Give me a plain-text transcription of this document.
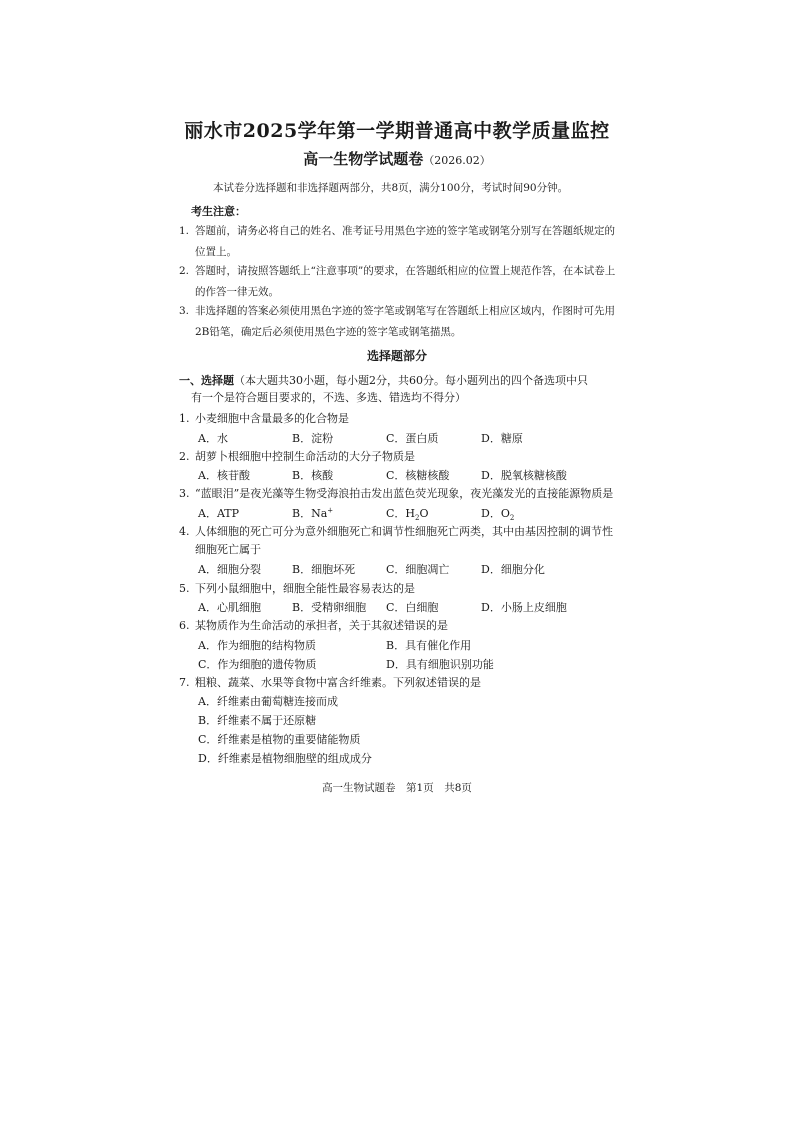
丽水市2025学年第一学期普通高中教学质量监控
高一生物学试题卷（2026.02）
本试卷分选择题和非选择题两部分，共8页，满分100分，考试时间90分钟。
考生注意：
1. 答题前，请务必将自己的姓名、准考证号用黑色字迹的签字笔或钢笔分别写在答题纸规定的位置上。
2. 答题时，请按照答题纸上“注意事项”的要求，在答题纸相应的位置上规范作答，在本试卷上的作答一律无效。
3. 非选择题的答案必须使用黑色字迹的签字笔或钢笔写在答题纸上相应区域内，作图时可先用2B铅笔，确定后必须使用黑色字迹的签字笔或钢笔描黑。
选择题部分
一、选择题（本大题共30小题，每小题2分，共60分。每小题列出的四个备选项中只
有一个是符合题目要求的，不选、多选、错选均不得分）
1. 小麦细胞中含量最多的化合物是
A．水	B．淀粉	C．蛋白质	D．糖原
2. 胡萝卜根细胞中控制生命活动的大分子物质是
A．核苷酸	B．核酸	C．核糖核酸	D．脱氧核糖核酸
3. “蓝眼泪”是夜光藻等生物受海浪拍击发出蓝色荧光现象，夜光藻发光的直接能源物质是
A．ATP	B．Na+	C．$H_2O$	D．$O_2$
4. 人体细胞的死亡可分为意外细胞死亡和调节性细胞死亡两类，其中由基因控制的调节性细胞死亡属于
A．细胞分裂	B．细胞坏死	C．细胞凋亡	D．细胞分化
5. 下列小鼠细胞中，细胞全能性最容易表达的是
A．心肌细胞	B．受精卵细胞 C．白细胞	D．小肠上皮细胞
6. 某物质作为生命活动的承担者，关于其叙述错误的是
A．作为细胞的结构物质	B．具有催化作用
C．作为细胞的遗传物质	D．具有细胞识别功能
7. 粗粮、蔬菜、水果等食物中富含纤维素。下列叙述错误的是
A．纤维素由葡萄糖连接而成
B．纤维素不属于还原糖
C．纤维素是植物的重要储能物质
D．纤维素是植物细胞壁的组成成分
高一生物试题卷　第1页　共8页
